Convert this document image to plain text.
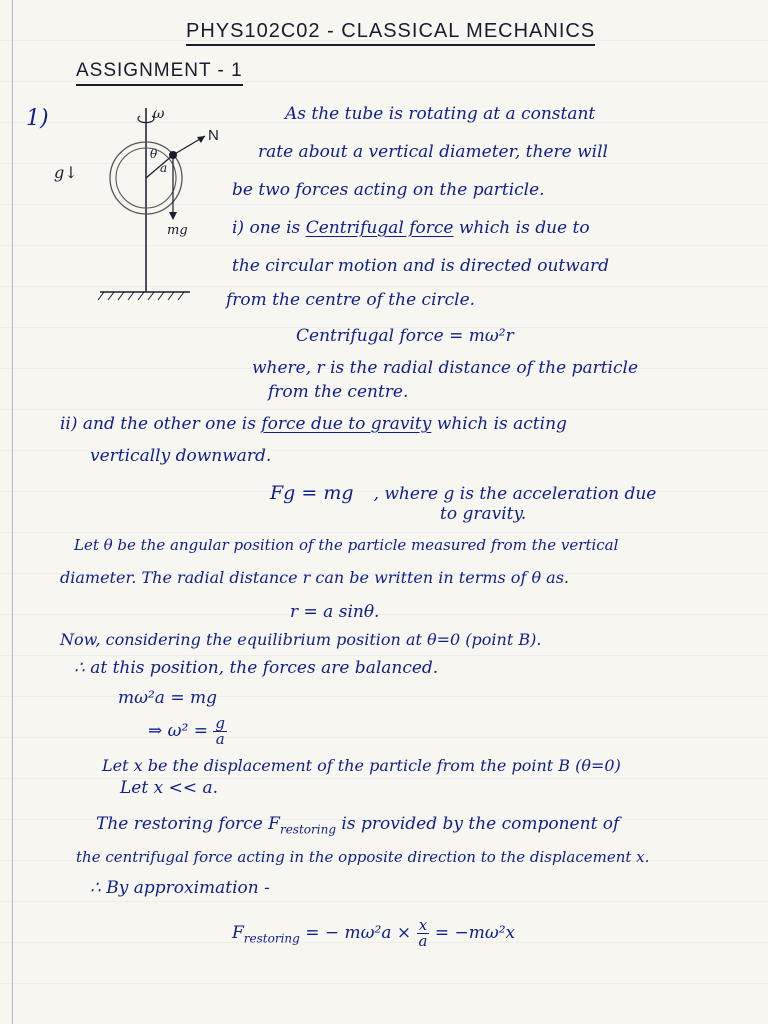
PHYS102C02 - CLASSICAL MECHANICS
ASSIGNMENT - 1
1)	ω
N
θ
a
mg
g↓
As the tube is rotating at a constant
rate about a vertical diameter, there will
be two forces acting on the particle.
i) one is Centrifugal force which is due to
the circular motion and is directed outward
from the centre of the circle.
Centrifugal force = mω²r
where, r is the radial distance of the particle
from the centre.
ii) and the other one is force due to gravity which is acting
vertically downward.
Fg = mg , where g is the acceleration due
to gravity.
Let θ be the angular position of the particle measured from the vertical
diameter. The radial distance r can be written in terms of θ as.
r = a sinθ.
Now, considering the equilibrium position at θ=0 (point B).
∴ at this position, the forces are balanced.
mω²a = mg
⇒ $\omega^2 = \frac{g}{a}$
Let x be the displacement of the particle from the point B (θ=0)
Let x << a.
The restoring force $F_{restoring}$ is provided by the component of
the centrifugal force acting in the opposite direction to the displacement x.
∴ By approximation -
$F_{restoring}$ = − $m\omega^2a \times \frac{x}{a} = -m\omega^2x$
